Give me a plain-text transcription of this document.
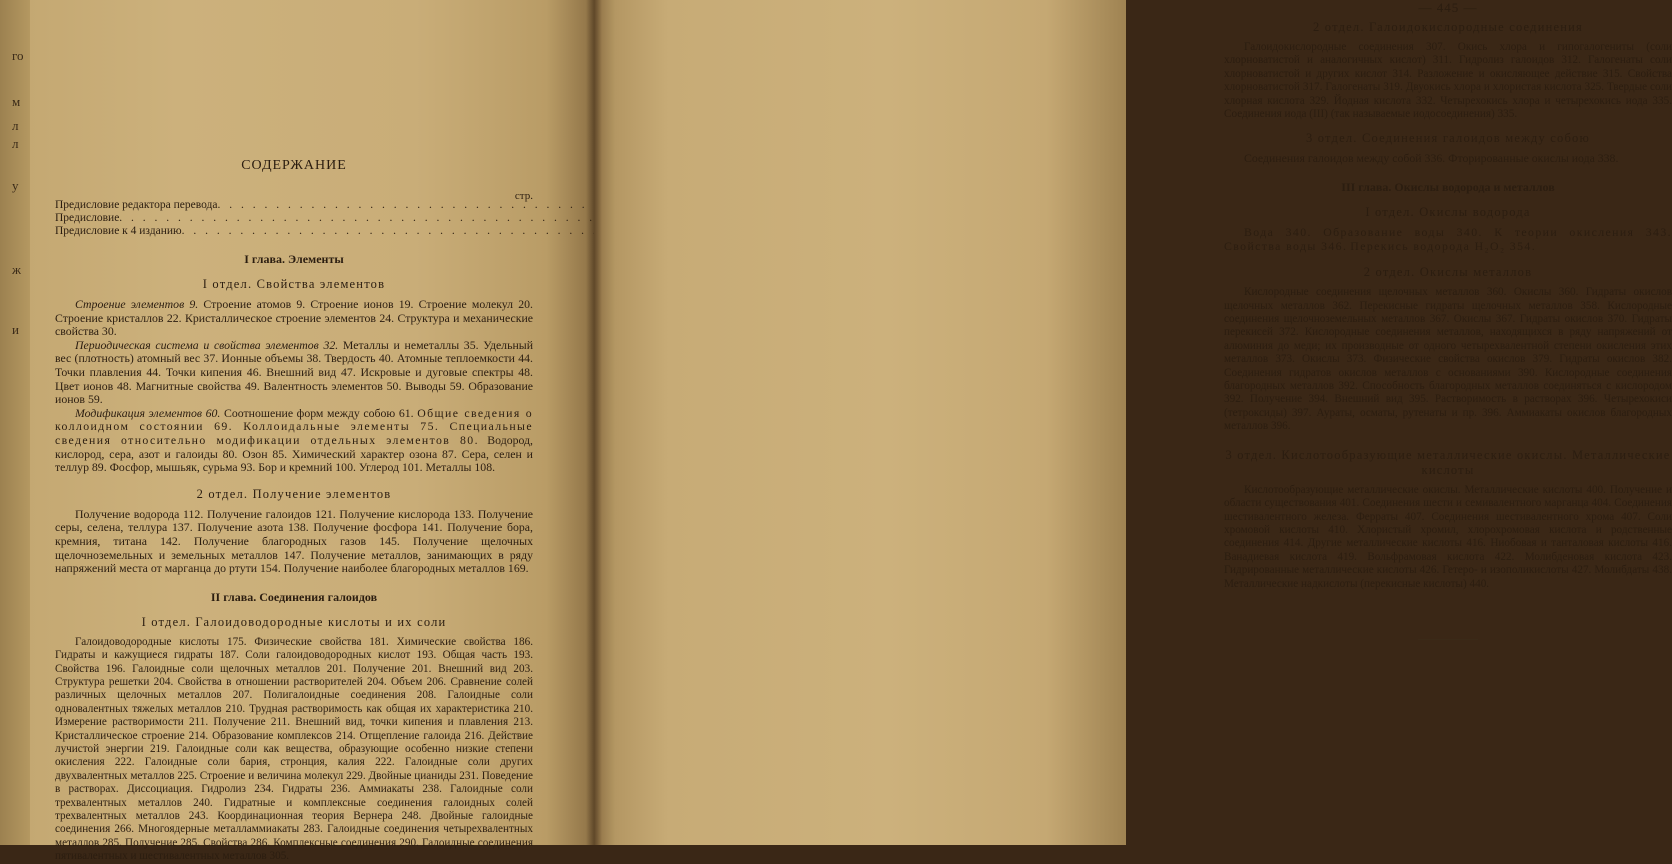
го
м
л
л
у
ж
и
СОДЕРЖАНИЕ
стр.
Предисловие редактора перевода
. . .
Предисловие
. . .
Предисловие к 4 изданию
. . .
I глава. Элементы
I отдел. Свойства элементов

Строение элементов 9. Строение атомов 9. Строение ионов 19. Строение молекул 20. Строение кристаллов 22. Кристаллическое строение элементов 24. Структура и механические свойства 30.

Периодическая система и свойства элементов 32. Металлы и неметаллы 35. Удельный вес (плотность) атомный вес 37. Ионные объемы 38. Твердость 40. Атомные теплоемкости 44. Точки плавления 44. Точки кипения 46. Внешний вид 47. Искровые и дуговые спектры 48. Цвет ионов 48. Магнитные свойства 49. Валентность элементов 50. Выводы 59. Образование ионов 59.

Модификация элементов 60. Соотношение форм между собою 61. Общие сведения о коллоидном состоянии 69. Коллоидальные элементы 75. Специальные сведения относительно модификации отдельных элементов 80. Водород, кислород, сера, азот и галоиды 80. Озон 85. Химический характер озона 87. Сера, селен и теллур 89. Фосфор, мышьяк, сурьма 93. Бор и кремний 100. Углерод 101. Металлы 108.

2 отдел. Получение элементов

Получение водорода 112. Получение галоидов 121. Получение кислорода 133. Получение серы, селена, теллура 137. Получение азота 138. Получение фосфора 141. Получение бора, кремния, титана 142. Получение благородных газов 145. Получение щелочных щелочноземельных и земельных металлов 147. Получение металлов, занимающих в ряду напряжений места от марганца до ртути 154. Получение наиболее благородных металлов 169.

II глава. Соединения галоидов
I отдел. Галоидоводородные кислоты и их соли

Галоидоводородные кислоты 175. Физические свойства 181. Химические свойства 186. Гидраты и кажущиеся гидраты 187. Соли галоидоводородных кислот 193. Общая часть 193. Свойства 196. Галоидные соли щелочных металлов 201. Получение 201. Внешний вид 203. Структура решетки 204. Свойства в отношении растворителей 204. Объем 206. Сравнение солей различных щелочных металлов 207. Полигалоидные соединения 208. Галоидные соли одновалентных тяжелых металлов 210. Трудная растворимость как общая их характеристика 210. Измерение растворимости 211. Получение 211. Внешний вид, точки кипения и плавления 213. Кристаллическое строение 214. Образование комплексов 214. Отщепление галоида 216. Действие лучистой энергии 219. Галоидные соли как вещества, образующие особенно низкие степени окисления 222. Галоидные соли бария, стронция, калия 222. Галоидные соли других двухвалентных металлов 225. Строение и величина молекул 229. Двойные цианиды 231. Поведение в растворах. Диссоциация. Гидролиз 234. Гидраты 236. Аммиакаты 238. Галоидные соли трехвалентных металлов 240. Гидратные и комплексные соединения галоидных солей трехвалентных металлов 243. Координационная теория Вернера 248. Двойные галоидные соединения 266. Многоядерные металламмиакаты 283. Галоидные соединения четырехвалентных металлов 285. Получение 285. Свойства 286. Комплексные соединения 290. Галоидные соединения пятивалентных и шестивалентных металлов 305.

— 445 —
2 отдел. Галоидокислородные соединения

Галоидокислородные соединения 307. Окись хлора и гипогалогениты (соли хлорноватистой и аналогичных кислот) 311. Гидролиз галоидов 312. Галогенаты соли хлорноватистой и других кислот 314. Разложение и окисляющее действие 315. Свойства хлорноватистой 317. Галогенаты 319. Двуокись хлора и хлористая кислота 325. Твердые соли хлорная кислота 329. Йодная кислота 332. Четырехокись хлора и четырехокись иода 335. Соединения иода (III) (так называемые иодосоединения) 335.

3 отдел. Соединения галоидов между собою

Соединения галоидов между собой 336. Фторированные окислы иода 338.

III глава. Окислы водорода и металлов
I отдел. Окислы водорода

Вода 340. Образование воды 340. К теории окисления 343. Свойства воды 346. Перекись водорода H₂O₂ 354.

2 отдел. Окислы металлов

Кислородные соединения щелочных металлов 360. Окислы 360. Гидраты окислов щелочных металлов 362. Перекисные гидраты щелочных металлов 358. Кислородные соединения щелочноземельных металлов 367. Окислы 367. Гидраты окислов 370. Гидраты перекисей 372. Кислородные соединения металлов, находящихся в ряду напряжений от алюминия до меди; их производные от одного четырехвалентной степени окисления этих металлов 373. Окислы 373. Физические свойства окислов 379. Гидраты окислов 382. Соединения гидратов окислов металлов с основаниями 390. Кислородные соединения благородных металлов 392. Способность благородных металлов соединяться с кислородом 392. Получение 394. Внешний вид 395. Растворимость в растворах 396. Четырехокиси (тетроксиды) 397. Аураты, осматы, рутенаты и пр. 396. Аммиакаты окислов благородных металлов 396.

3 отдел. Кислотообразующие металлические окислы. Металлические кислоты

Кислотообразующие металлические окислы. Металлические кислоты 400. Получение и области существования 401. Соединения шести и семивалентного марганца 404. Соединения шестивалентного железа. Ферраты 407. Соединения шестивалентного хрома 407. Соли хромовой кислоты 410. Хлористый хромил, хлорохромовая кислота и родственные соединения 414. Другие металлические кислоты 416. Ниобовая и танталовая кислоты 416. Ванадиевая кислота 419. Вольфрамовая кислота 422. Молибденовая кислота 423. Гидрированные металлические кислоты 426. Гетеро- и изополикислоты 427. Молибдаты 438. Металлические надкислоты (перекисные кислоты) 440.
